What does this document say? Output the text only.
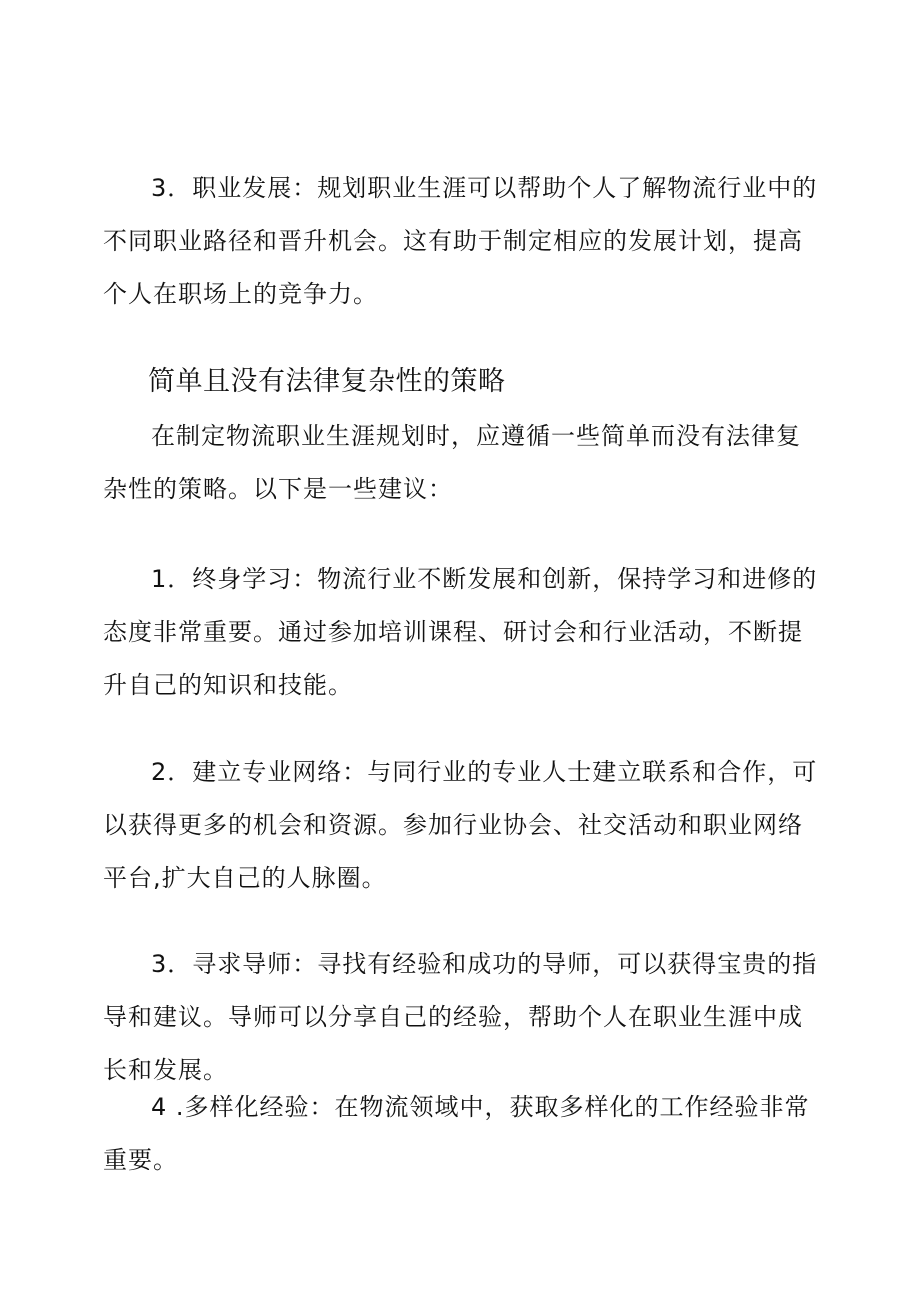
3．职业发展：规划职业生涯可以帮助个人了解物流行业中的不同职业路径和晋升机会。这有助于制定相应的发展计划，提高个人在职场上的竞争力。

简单且没有法律复杂性的策略

在制定物流职业生涯规划时，应遵循一些简单而没有法律复杂性的策略。以下是一些建议：

1．终身学习：物流行业不断发展和创新，保持学习和进修的态度非常重要。通过参加培训课程、研讨会和行业活动，不断提升自己的知识和技能。

2．建立专业网络：与同行业的专业人士建立联系和合作，可以获得更多的机会和资源。参加行业协会、社交活动和职业网络平台,扩大自己的人脉圈。

3．寻求导师：寻找有经验和成功的导师，可以获得宝贵的指导和建议。导师可以分享自己的经验，帮助个人在职业生涯中成长和发展。

4 .多样化经验：在物流领域中，获取多样化的工作经验非常重要。
